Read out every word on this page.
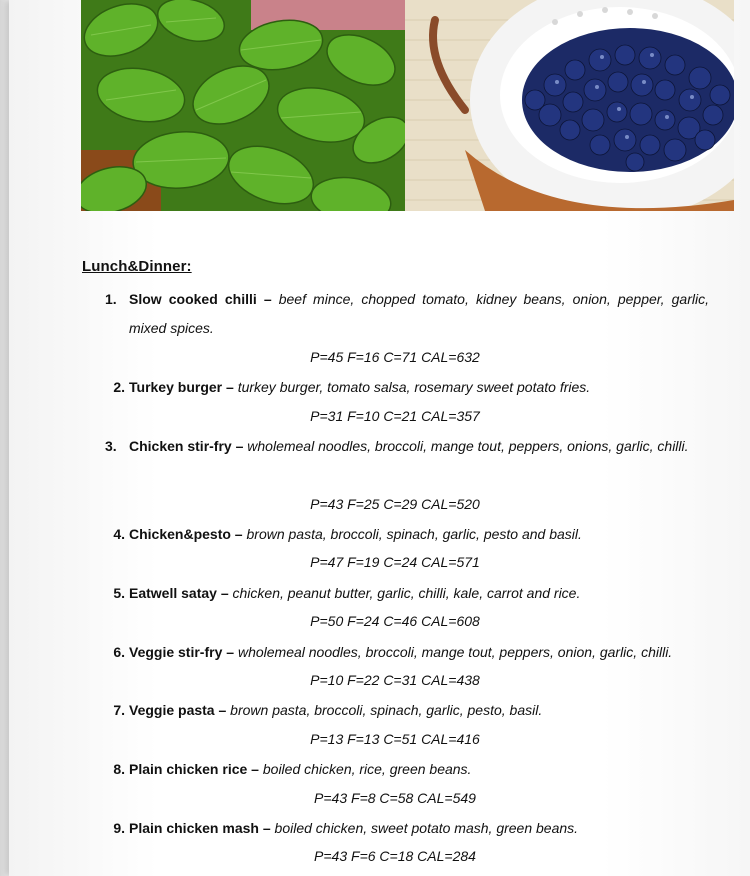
Lunch&Dinner:
1. Slow cooked chilli – beef mince, chopped tomato, kidney beans, onion, pepper, garlic, mixed spices.
P=45 F=16 C=71 CAL=632
2. Turkey burger – turkey burger, tomato salsa, rosemary sweet potato fries.
P=31 F=10 C=21 CAL=357
3. Chicken stir-fry – wholemeal noodles, broccoli, mange tout, peppers, onions, garlic, chilli.
P=43 F=25 C=29 CAL=520
4. Chicken&pesto – brown pasta, broccoli, spinach, garlic, pesto and basil.
P=47 F=19 C=24 CAL=571
5. Eatwell satay – chicken, peanut butter, garlic, chilli, kale, carrot and rice.
P=50 F=24 C=46 CAL=608
6. Veggie stir-fry – wholemeal noodles, broccoli, mange tout, peppers, onion, garlic, chilli.
P=10 F=22 C=31 CAL=438
7. Veggie pasta – brown pasta, broccoli, spinach, garlic, pesto, basil.
P=13 F=13 C=51 CAL=416
8. Plain chicken rice – boiled chicken, rice, green beans.
P=43 F=8 C=58 CAL=549
9. Plain chicken mash – boiled chicken, sweet potato mash, green beans.
P=43 F=6 C=18 CAL=284
